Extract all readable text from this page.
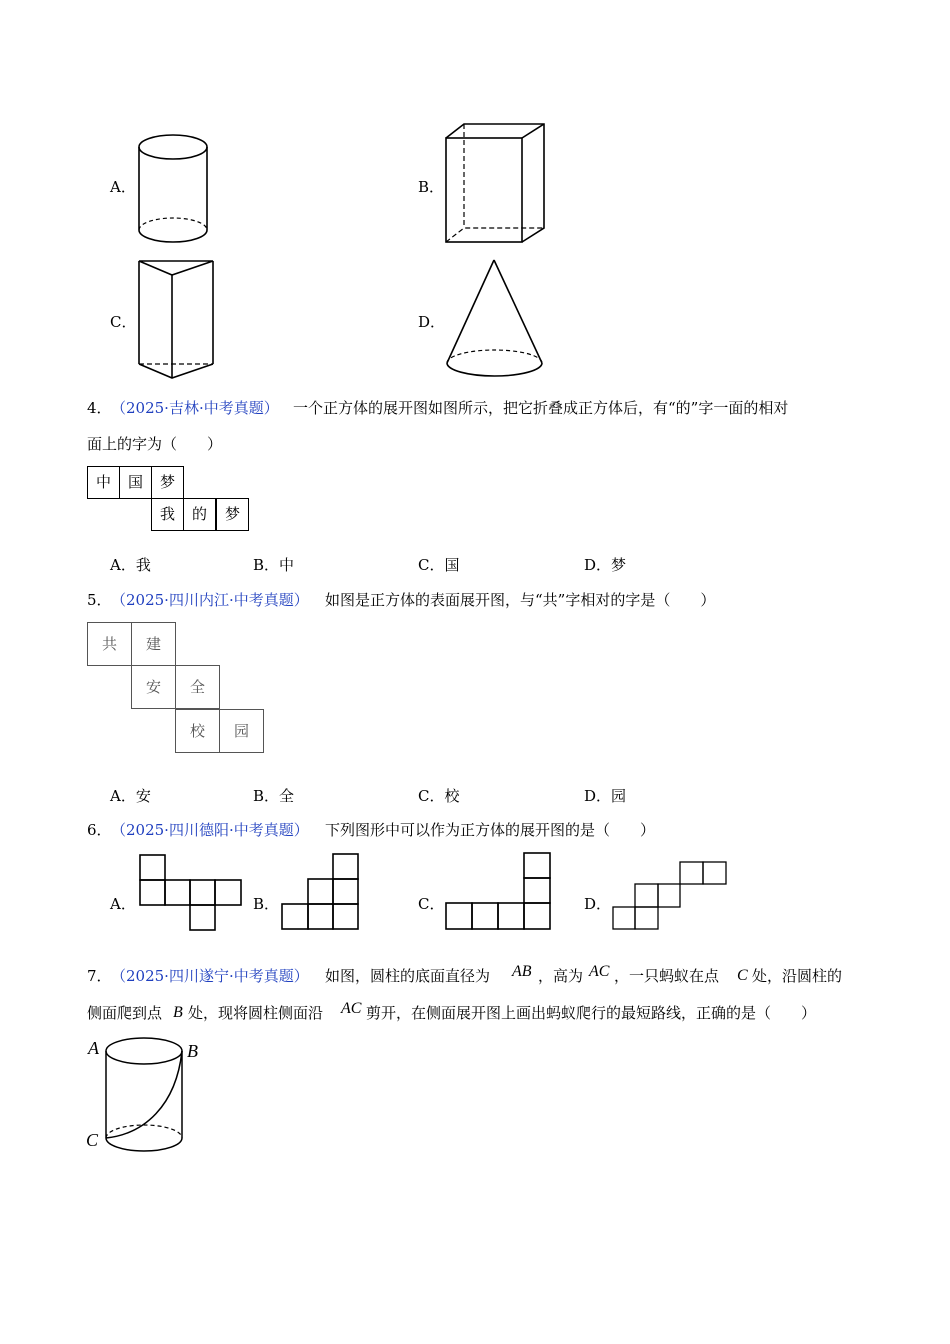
A．	B．
C．	D．
4． （2025·吉林·中考真题） 一个正方体的展开图如图所示，把它折叠成正方体后，有“的”字一面的相对
面上的字为（　　）
中	国	梦
我	的	梦
A．我	B．中	C．国	D．梦
5． （2025·四川内江·中考真题） 如图是正方体的表面展开图，与“共”字相对的字是（　　）
共	建
安	全
校	园
A．安	B．全	C．校	D．园
6． （2025·四川德阳·中考真题） 下列图形中可以作为正方体的展开图的是（　　）
A．	B．	C．	D．
7． （2025·四川遂宁·中考真题） 如图，圆柱的底面直径为 AB ，高为 AC ，一只蚂蚁在点 C 处，沿圆柱的
侧面爬到点 B 处，现将圆柱侧面沿 AC 剪开，在侧面展开图上画出蚂蚁爬行的最短路线，正确的是（　　）
A	B
C
